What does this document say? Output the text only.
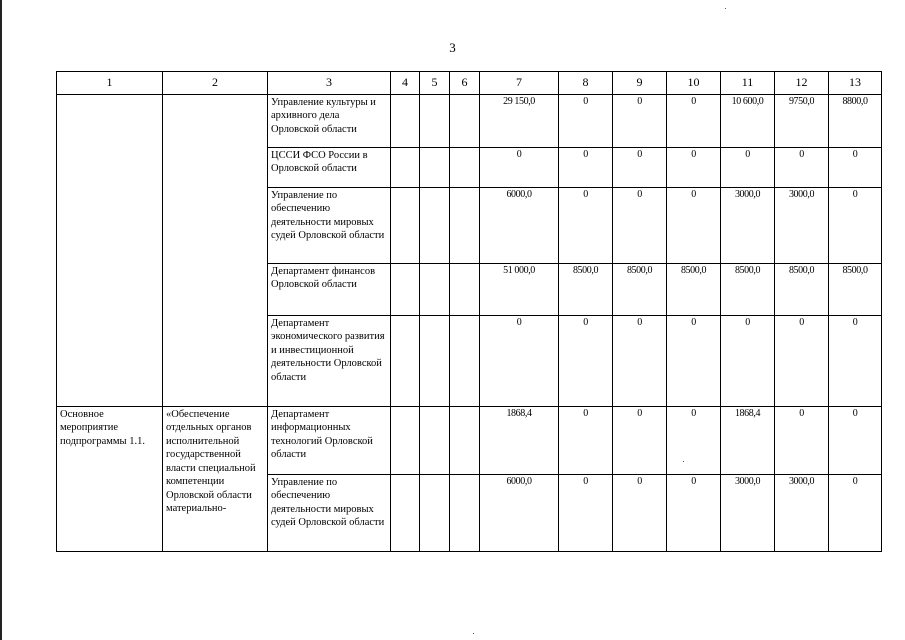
3
1	2	3	4	5	6	7	8	9	10	11	12	13
		Управление культуры и архивного дела Орловской области				29 150,0	0	0	0	10 600,0	9750,0	8800,0
		ЦССИ ФСО России в Орловской области				0	0	0	0	0	0	0
		Управление по обеспечению деятельности мировых судей Орловской области				6000,0	0	0	0	3000,0	3000,0	0
		Департамент финансов Орловской области				51 000,0	8500,0	8500,0	8500,0	8500,0	8500,0	8500,0
		Департамент экономического развития и инвестиционной деятельности Орловской области				0	0	0	0	0	0	0
Основное мероприятие подпрограммы 1.1.	«Обеспечение отдельных органов исполнительной государственной власти специальной компетенции Орловской области материально-	Департамент информационных технологий Орловской области				1868,4	0	0	0	1868,4	0	0
		Управление по обеспечению деятельности мировых судей Орловской области				6000,0	0	0	0	3000,0	3000,0	0
